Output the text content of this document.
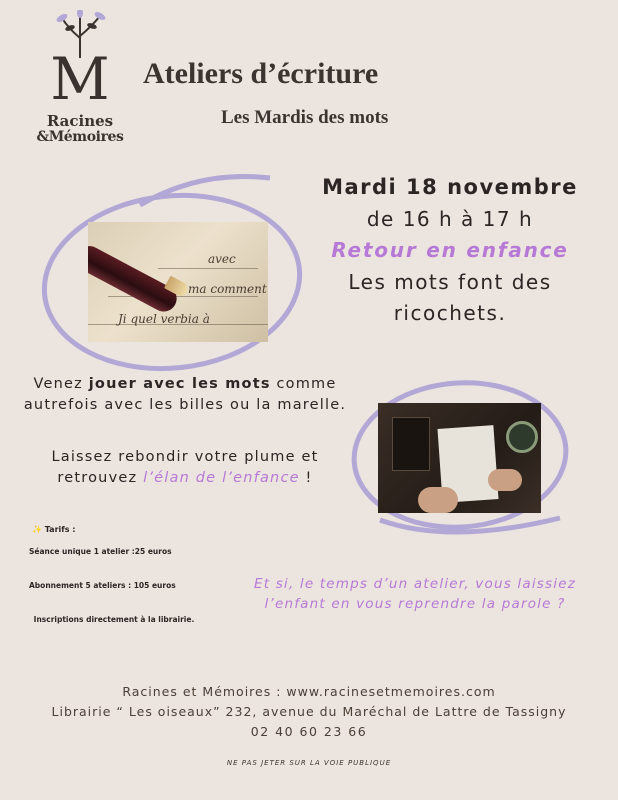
M
Racines
&Mémoires
Ateliers d’écriture
Les Mardis des mots
Mardi 18 novembre
de 16 h à 17 h
Retour en enfance
Les mots font des
ricochets.
avec
ma comment
Ji quel verbia à
Venez jouer avec les mots comme autrefois avec les billes ou la marelle.
Laissez rebondir votre plume et retrouvez l’élan de l’enfance !
✨ Tarifs :
Séance unique 1 atelier :25 euros
Abonnement 5 ateliers : 105 euros
Inscriptions directement à la librairie.
Et si, le temps d’un atelier, vous laissiez l’enfant en vous reprendre la parole ?
Racines et Mémoires : www.racinesetmemoires.com
Librairie “ Les oiseaux” 232, avenue du Maréchal de Lattre de Tassigny
02 40 60 23 66
NE PAS JETER SUR LA VOIE PUBLIQUE
